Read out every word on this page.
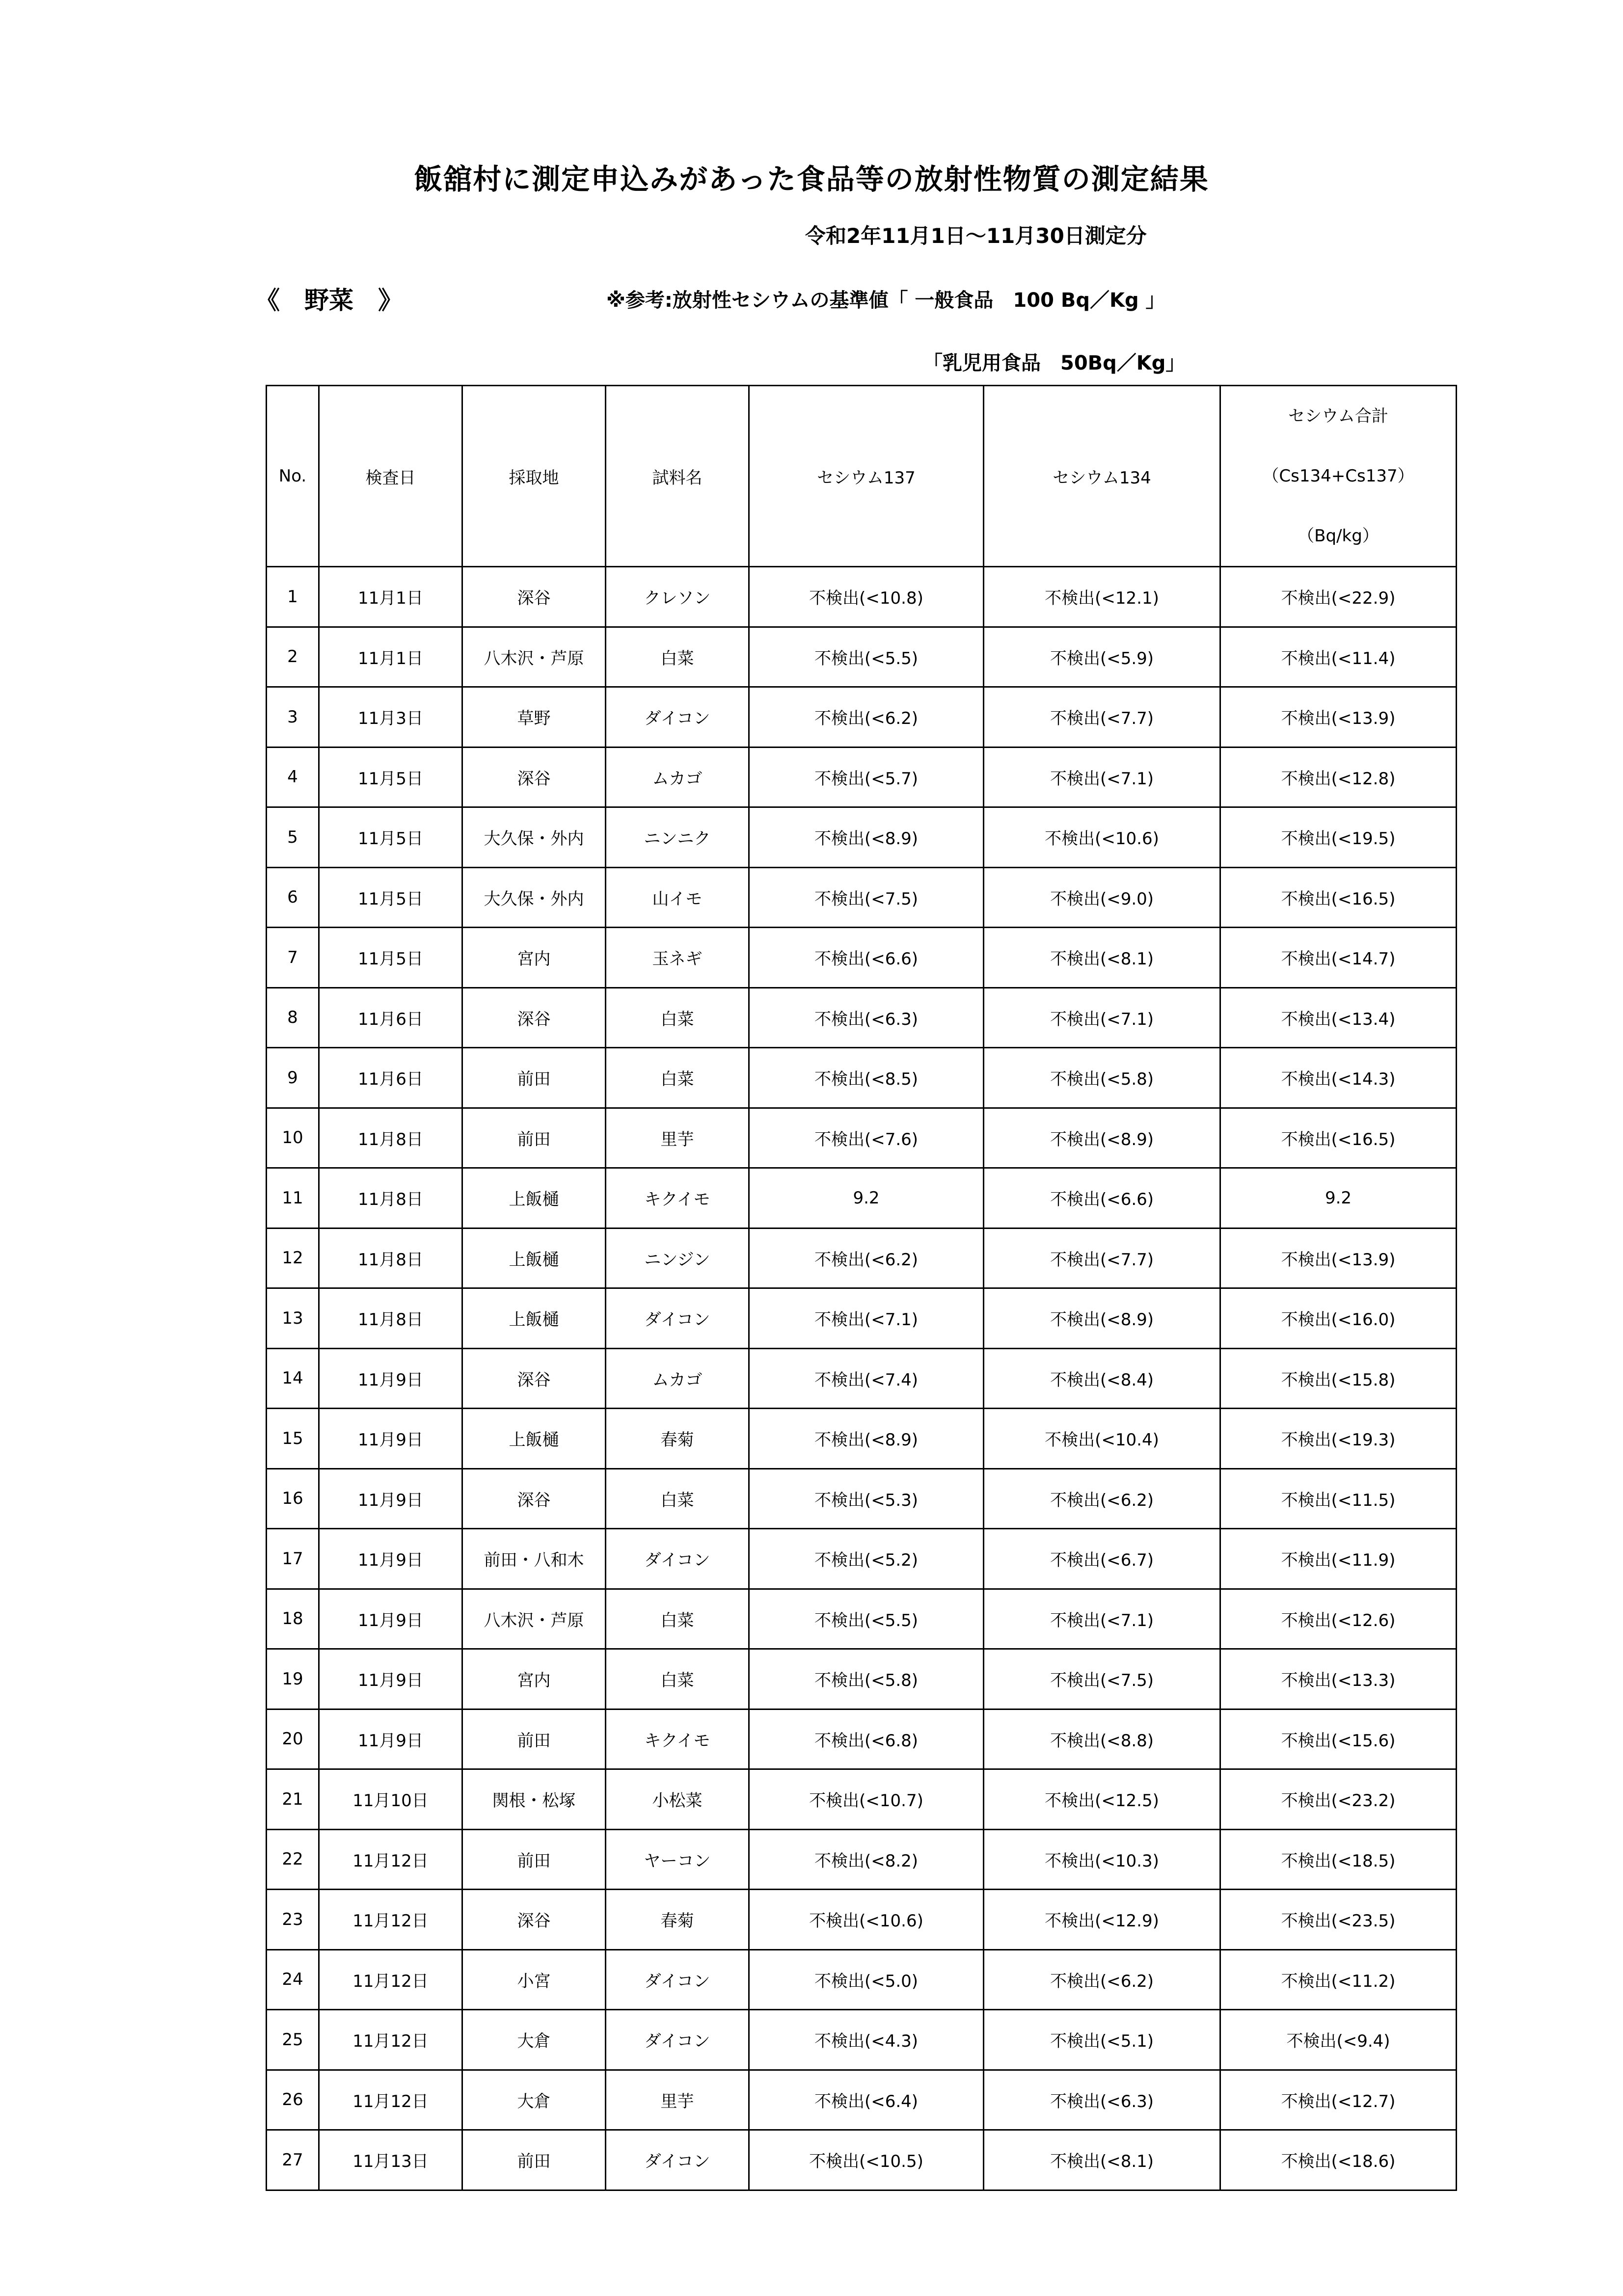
飯舘村に測定申込みがあった食品等の放射性物質の測定結果
令和2年11月1日～11月30日測定分
《　野菜　》	※参考:放射性セシウムの基準値「 一般食品　100 Bq／Kg 」
「乳児用食品　50Bq／Kg」
No.	検査日	採取地	試料名	セシウム137	セシウム134	セシウム合計
（Cs134+Cs137）
（Bq/kg）

1	11月1日	深谷	クレソン	不検出(<10.8)	不検出(<12.1)	不検出(<22.9)
2	11月1日	八木沢・芦原	白菜	不検出(<5.5)	不検出(<5.9)	不検出(<11.4)
3	11月3日	草野	ダイコン	不検出(<6.2)	不検出(<7.7)	不検出(<13.9)
4	11月5日	深谷	ムカゴ	不検出(<5.7)	不検出(<7.1)	不検出(<12.8)
5	11月5日	大久保・外内	ニンニク	不検出(<8.9)	不検出(<10.6)	不検出(<19.5)
6	11月5日	大久保・外内	山イモ	不検出(<7.5)	不検出(<9.0)	不検出(<16.5)
7	11月5日	宮内	玉ネギ	不検出(<6.6)	不検出(<8.1)	不検出(<14.7)
8	11月6日	深谷	白菜	不検出(<6.3)	不検出(<7.1)	不検出(<13.4)
9	11月6日	前田	白菜	不検出(<8.5)	不検出(<5.8)	不検出(<14.3)
10	11月8日	前田	里芋	不検出(<7.6)	不検出(<8.9)	不検出(<16.5)
11	11月8日	上飯樋	キクイモ	9.2	不検出(<6.6)	9.2
12	11月8日	上飯樋	ニンジン	不検出(<6.2)	不検出(<7.7)	不検出(<13.9)
13	11月8日	上飯樋	ダイコン	不検出(<7.1)	不検出(<8.9)	不検出(<16.0)
14	11月9日	深谷	ムカゴ	不検出(<7.4)	不検出(<8.4)	不検出(<15.8)
15	11月9日	上飯樋	春菊	不検出(<8.9)	不検出(<10.4)	不検出(<19.3)
16	11月9日	深谷	白菜	不検出(<5.3)	不検出(<6.2)	不検出(<11.5)
17	11月9日	前田・八和木	ダイコン	不検出(<5.2)	不検出(<6.7)	不検出(<11.9)
18	11月9日	八木沢・芦原	白菜	不検出(<5.5)	不検出(<7.1)	不検出(<12.6)
19	11月9日	宮内	白菜	不検出(<5.8)	不検出(<7.5)	不検出(<13.3)
20	11月9日	前田	キクイモ	不検出(<6.8)	不検出(<8.8)	不検出(<15.6)
21	11月10日	関根・松塚	小松菜	不検出(<10.7)	不検出(<12.5)	不検出(<23.2)
22	11月12日	前田	ヤーコン	不検出(<8.2)	不検出(<10.3)	不検出(<18.5)
23	11月12日	深谷	春菊	不検出(<10.6)	不検出(<12.9)	不検出(<23.5)
24	11月12日	小宮	ダイコン	不検出(<5.0)	不検出(<6.2)	不検出(<11.2)
25	11月12日	大倉	ダイコン	不検出(<4.3)	不検出(<5.1)	不検出(<9.4)
26	11月12日	大倉	里芋	不検出(<6.4)	不検出(<6.3)	不検出(<12.7)
27	11月13日	前田	ダイコン	不検出(<10.5)	不検出(<8.1)	不検出(<18.6)
